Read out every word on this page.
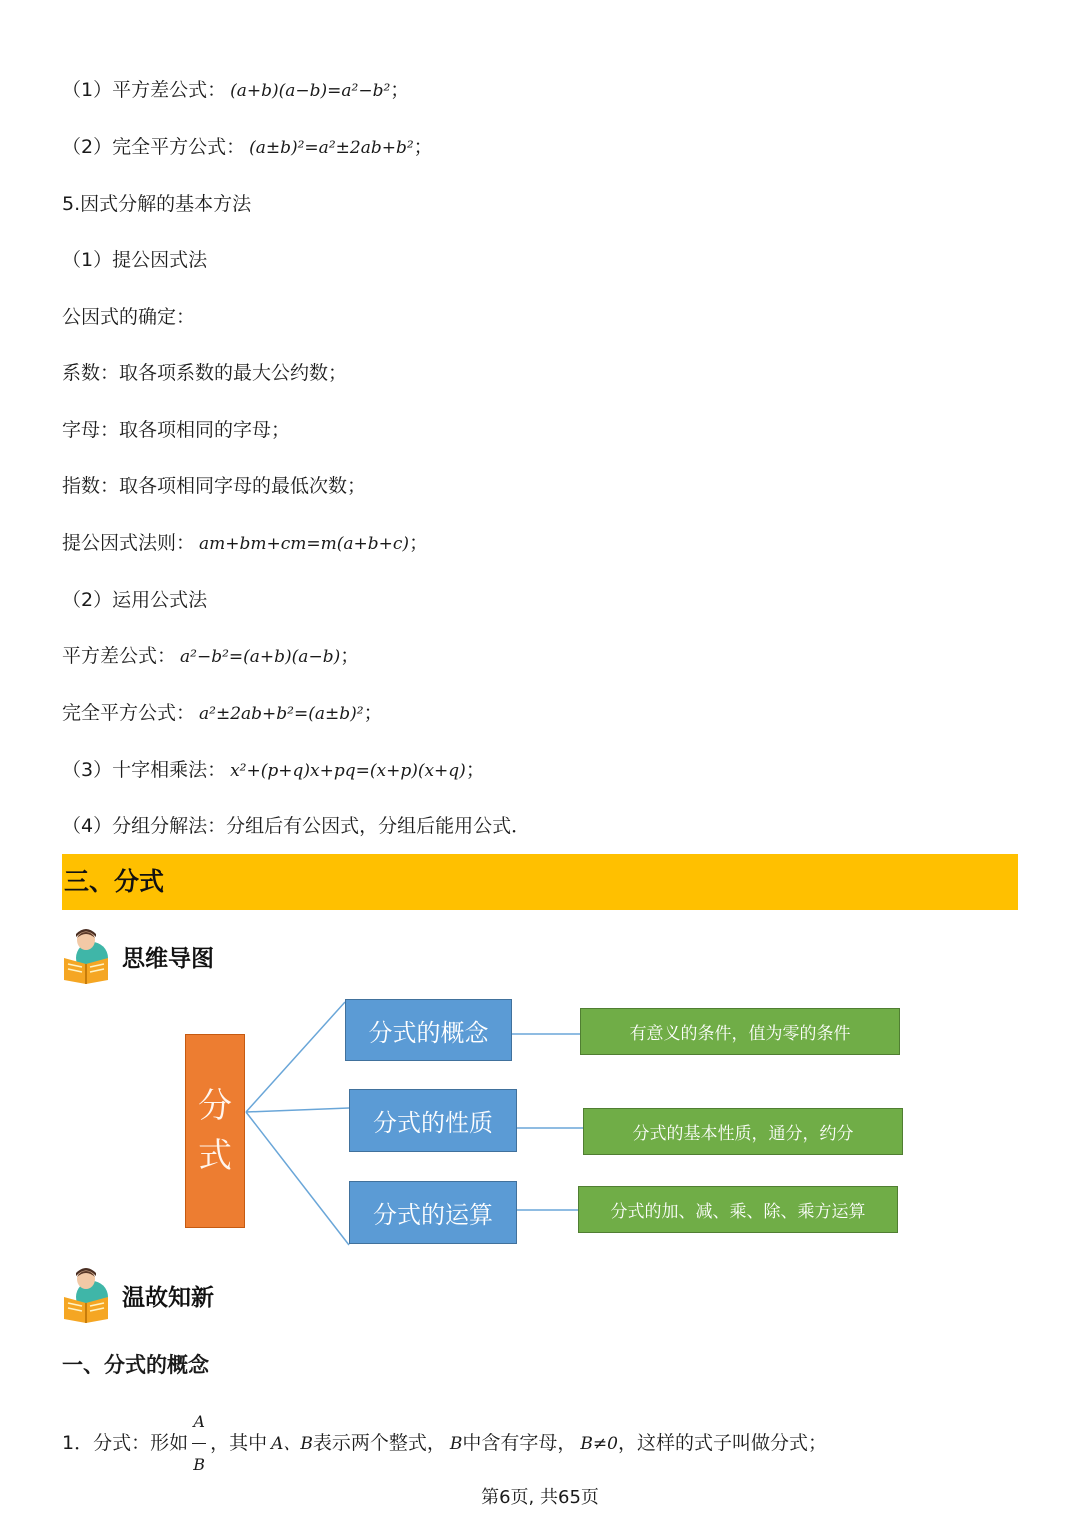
（1）平方差公式： (a+b)(a−b)=a²−b²；
（2）完全平方公式： (a±b)²=a²±2ab+b²；
5.因式分解的基本方法
（1）提公因式法
公因式的确定：
系数：取各项系数的最大公约数；
字母：取各项相同的字母；
指数：取各项相同字母的最低次数；
提公因式法则： am+bm+cm=m(a+b+c)；
（2）运用公式法
平方差公式： a²−b²=(a+b)(a−b)；
完全平方公式： a²±2ab+b²=(a±b)²；
（3）十字相乘法： x²+(p+q)x+pq=(x+p)(x+q)；
（4）分组分解法：分组后有公因式，分组后能用公式．
三、分式
思维导图
分
式
分式的概念
分式的性质
分式的运算
有意义的条件，值为零的条件
分式的基本性质，通分，约分
分式的加、减、乘、除、乘方运算
温故知新
一、分式的概念
1．分式：形如 $\frac{A}{B}$ ，其中 A、B表示两个整式， B中含有字母， B≠0，这样的式子叫做分式；
第6页, 共65页
